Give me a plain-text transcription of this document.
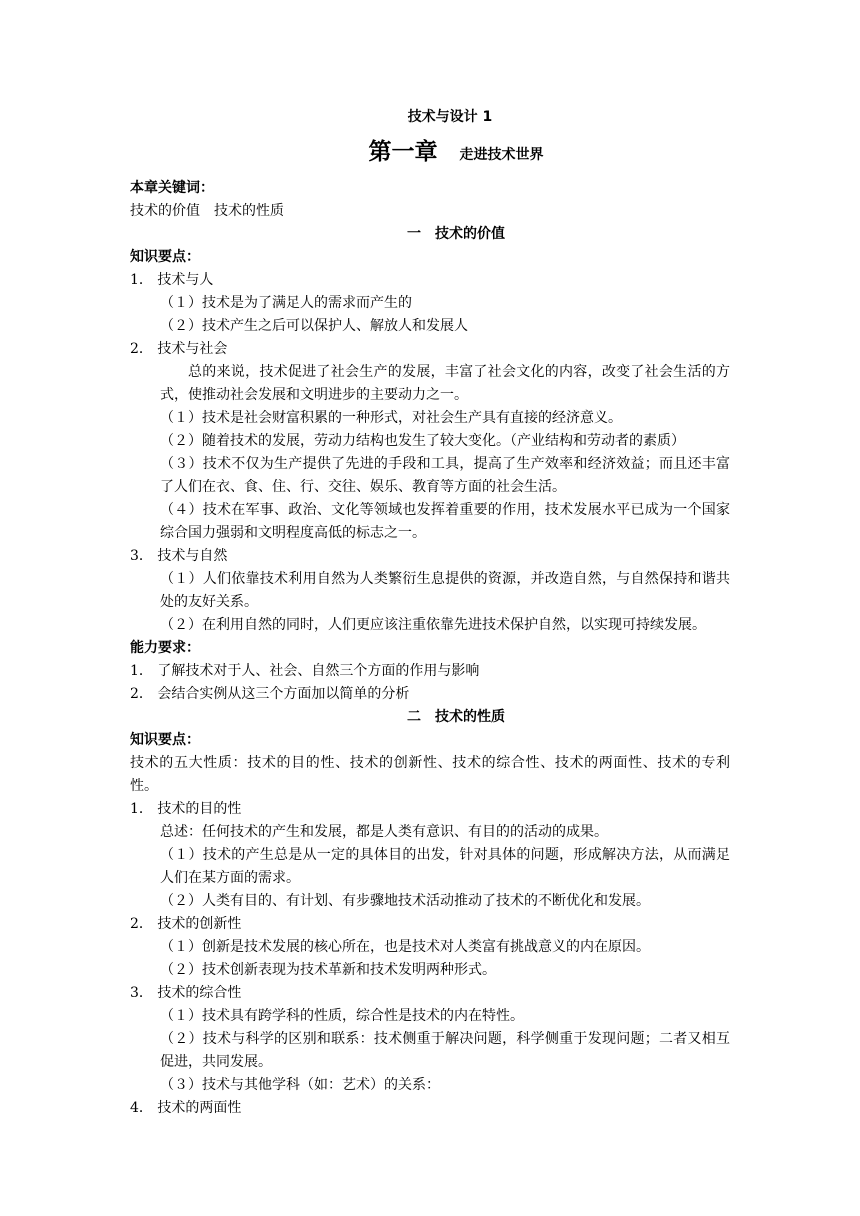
技术与设计 1
第一章 走进技术世界
本章关键词：
技术的价值　技术的性质
一　技术的价值
知识要点：
1． 技术与人
（１）技术是为了满足人的需求而产生的
（２）技术产生之后可以保护人、解放人和发展人
2． 技术与社会
总的来说，技术促进了社会生产的发展，丰富了社会文化的内容，改变了社会生活的方式，使推动社会发展和文明进步的主要动力之一。
（１）技术是社会财富积累的一种形式，对社会生产具有直接的经济意义。
（２）随着技术的发展，劳动力结构也发生了较大变化。（产业结构和劳动者的素质）
（３）技术不仅为生产提供了先进的手段和工具，提高了生产效率和经济效益；而且还丰富了人们在衣、食、住、行、交往、娱乐、教育等方面的社会生活。
（４）技术在军事、政治、文化等领域也发挥着重要的作用，技术发展水平已成为一个国家综合国力强弱和文明程度高低的标志之一。
3． 技术与自然
（１）人们依靠技术利用自然为人类繁衍生息提供的资源，并改造自然，与自然保持和谐共处的友好关系。
（２）在利用自然的同时，人们更应该注重依靠先进技术保护自然，以实现可持续发展。
能力要求：
1． 了解技术对于人、社会、自然三个方面的作用与影响
2． 会结合实例从这三个方面加以简单的分析
二　技术的性质
知识要点：
技术的五大性质：技术的目的性、技术的创新性、技术的综合性、技术的两面性、技术的专利性。
1． 技术的目的性
总述：任何技术的产生和发展，都是人类有意识、有目的的活动的成果。
（１）技术的产生总是从一定的具体目的出发，针对具体的问题，形成解决方法，从而满足人们在某方面的需求。
（２）人类有目的、有计划、有步骤地技术活动推动了技术的不断优化和发展。
2． 技术的创新性
（１）创新是技术发展的核心所在，也是技术对人类富有挑战意义的内在原因。
（２）技术创新表现为技术革新和技术发明两种形式。
3． 技术的综合性
（１）技术具有跨学科的性质，综合性是技术的内在特性。
（２）技术与科学的区别和联系：技术侧重于解决问题，科学侧重于发现问题；二者又相互促进，共同发展。
（３）技术与其他学科（如：艺术）的关系：
4． 技术的两面性
